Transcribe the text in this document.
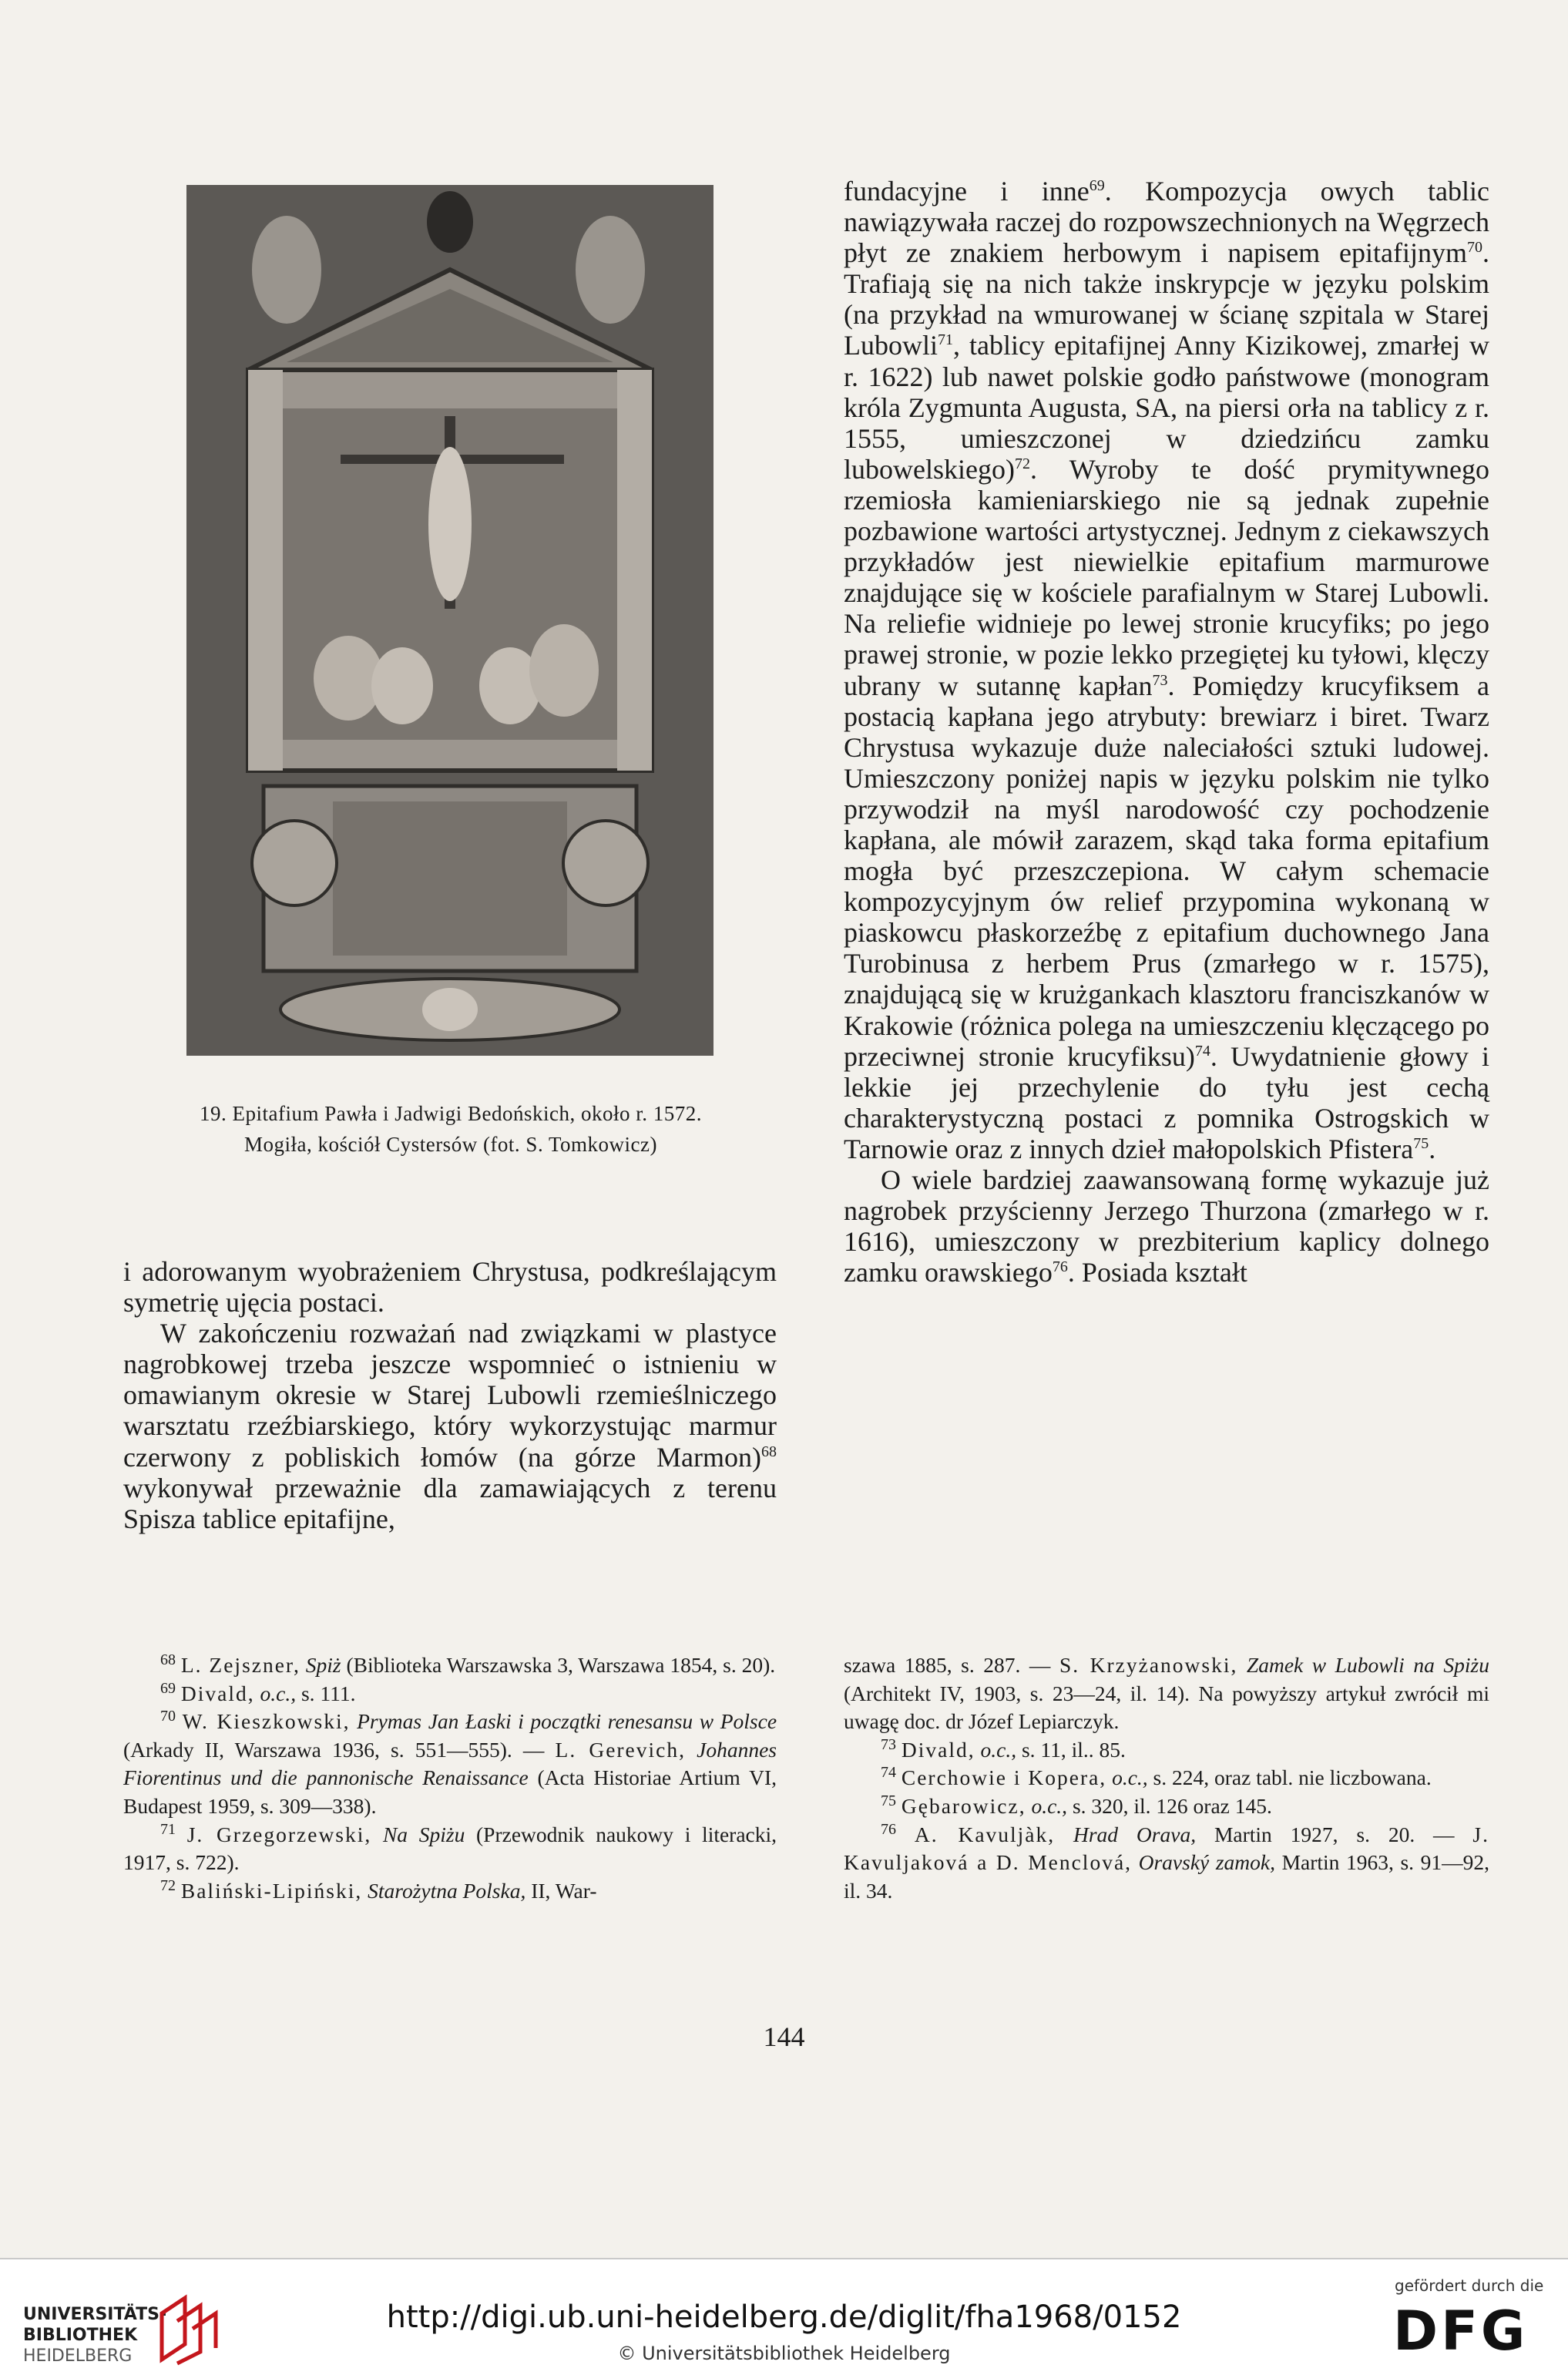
19. Epitafium Pawła i Jadwigi Bedońskich, około r. 1572.
Mogiła, kościół Cystersów (fot. S. Tomkowicz)

i adorowanym wyobrażeniem Chrystusa, podkreślającym symetrię ujęcia postaci.

W zakończeniu rozważań nad związkami w plastyce nagrobkowej trzeba jeszcze wspomnieć o istnieniu w omawianym okresie w Starej Lubowli rzemieślniczego warsztatu rzeźbiarskiego, który wykorzystując marmur czerwony z pobliskich łomów (na górze Marmon)$^{68}$ wykonywał przeważnie dla zamawiających z terenu Spisza tablice epitafijne,

fundacyjne i inne$^{69}$. Kompozycja owych tablic nawiązywała raczej do rozpowszechnionych na Węgrzech płyt ze znakiem herbowym i napisem epitafijnym$^{70}$. Trafiają się na nich także inskrypcje w języku polskim (na przykład na wmurowanej w ścianę szpitala w Starej Lubowli$^{71}$, tablicy epitafijnej Anny Kizikowej, zmarłej w r. 1622) lub nawet polskie godło państwowe (monogram króla Zygmunta Augusta, SA, na piersi orła na tablicy z r. 1555, umieszczonej w dziedzińcu zamku lubowelskiego)$^{72}$. Wyroby te dość prymitywnego rzemiosła kamieniarskiego nie są jednak zupełnie pozbawione wartości artystycznej. Jednym z ciekawszych przykładów jest niewielkie epitafium marmurowe znajdujące się w kościele parafialnym w Starej Lubowli. Na reliefie widnieje po lewej stronie krucyfiks; po jego prawej stronie, w pozie lekko przegiętej ku tyłowi, klęczy ubrany w sutannę kapłan$^{73}$. Pomiędzy krucyfiksem a postacią kapłana jego atrybuty: brewiarz i biret. Twarz Chrystusa wykazuje duże naleciałości sztuki ludowej. Umieszczony poniżej napis w języku polskim nie tylko przywodził na myśl narodowość czy pochodzenie kapłana, ale mówił zarazem, skąd taka forma epitafium mogła być przeszczepiona. W całym schemacie kompozycyjnym ów relief przypomina wykonaną w piaskowcu płaskorzeźbę z epitafium duchownego Jana Turobinusa z herbem Prus (zmarłego w r. 1575), znajdującą się w krużgankach klasztoru franciszkanów w Krakowie (różnica polega na umieszczeniu klęczącego po przeciwnej stronie krucyfiksu)$^{74}$. Uwydatnienie głowy i lekkie jej przechylenie do tyłu jest cechą charakterystyczną postaci z pomnika Ostrogskich w Tarnowie oraz z innych dzieł małopolskich Pfistera$^{75}$.

O wiele bardziej zaawansowaną formę wykazuje już nagrobek przyścienny Jerzego Thurzona (zmarłego w r. 1616), umieszczony w prezbiterium kaplicy dolnego zamku orawskiego$^{76}$. Posiada kształt

$^{68}$ L. Zejszner, Spiż (Biblioteka Warszawska 3, Warszawa 1854, s. 20).

$^{69}$ Divald, o.c., s. 111.

$^{70}$ W. Kieszkowski, Prymas Jan Łaski i początki renesansu w Polsce (Arkady II, Warszawa 1936, s. 551—555). — L. Gerevich, Johannes Fiorentinus und die pannonische Renaissance (Acta Historiae Artium VI, Budapest 1959, s. 309—338).

$^{71}$ J. Grzegorzewski, Na Spiżu (Przewodnik naukowy i literacki, 1917, s. 722).

$^{72}$ Baliński-Lipiński, Starożytna Polska, II, War-

szawa 1885, s. 287. — S. Krzyżanowski, Zamek w Lubowli na Spiżu (Architekt IV, 1903, s. 23—24, il. 14). Na powyższy artykuł zwrócił mi uwagę doc. dr Józef Lepiarczyk.

$^{73}$ Divald, o.c., s. 11, il.. 85.

$^{74}$ Cerchowie i Kopera, o.c., s. 224, oraz tabl. nie liczbowana.

$^{75}$ Gębarowicz, o.c., s. 320, il. 126 oraz 145.

$^{76}$ A. Kavuljàk, Hrad Orava, Martin 1927, s. 20. — J. Kavuljaková a D. Menclová, Oravský zamok, Martin 1963, s. 91—92, il. 34.

144
UNIVERSITÄTS-
BIBLIOTHEK
HEIDELBERG
http://digi.ub.uni-heidelberg.de/diglit/fha1968/0152
© Universitätsbibliothek Heidelberg
gefördert durch die
DFG
